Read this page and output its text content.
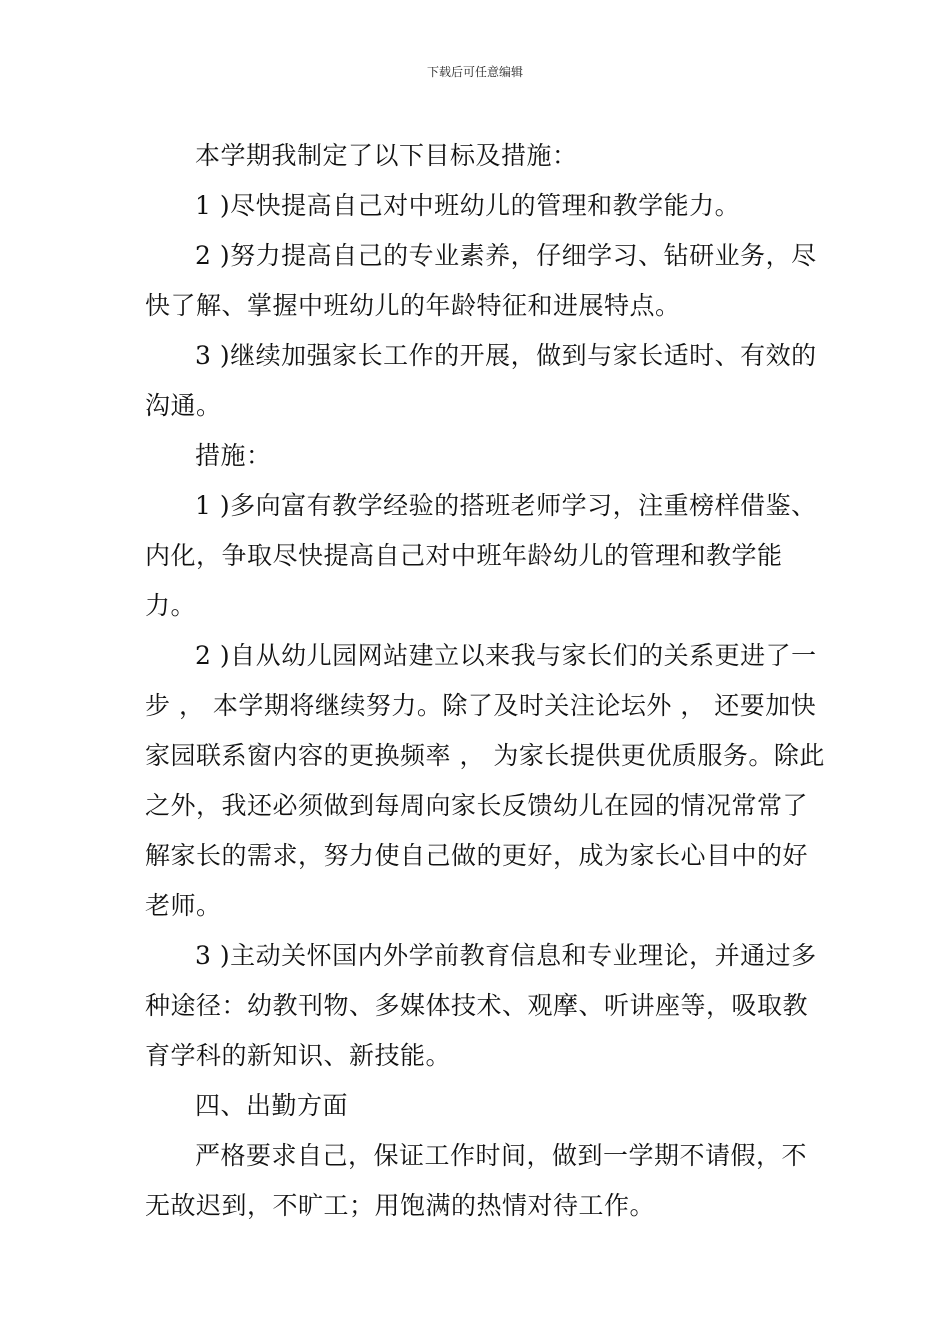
下载后可任意编辑

本学期我制定了以下目标及措施：

1 )尽快提高自己对中班幼儿的管理和教学能力。

2 )努力提高自己的专业素养，仔细学习、钻研业务，尽快了解、掌握中班幼儿的年龄特征和进展特点。

3 )继续加强家长工作的开展，做到与家长适时、有效的沟通。

措施：

1 )多向富有教学经验的搭班老师学习，注重榜样借鉴、内化，争取尽快提高自己对中班年龄幼儿的管理和教学能力。

2 )自从幼儿园网站建立以来我与家长们的关系更进了一步 ， 本学期将继续努力。除了及时关注论坛外 ， 还要加快家园联系窗内容的更换频率 ， 为家长提供更优质服务。除此之外，我还必须做到每周向家长反馈幼儿在园的情况常常了解家长的需求，努力使自己做的更好，成为家长心目中的好老师。

3 )主动关怀国内外学前教育信息和专业理论，并通过多种途径：幼教刊物、多媒体技术、观摩、听讲座等，吸取教育学科的新知识、新技能。

四、出勤方面

严格要求自己，保证工作时间，做到一学期不请假，不无故迟到，不旷工；用饱满的热情对待工作。
